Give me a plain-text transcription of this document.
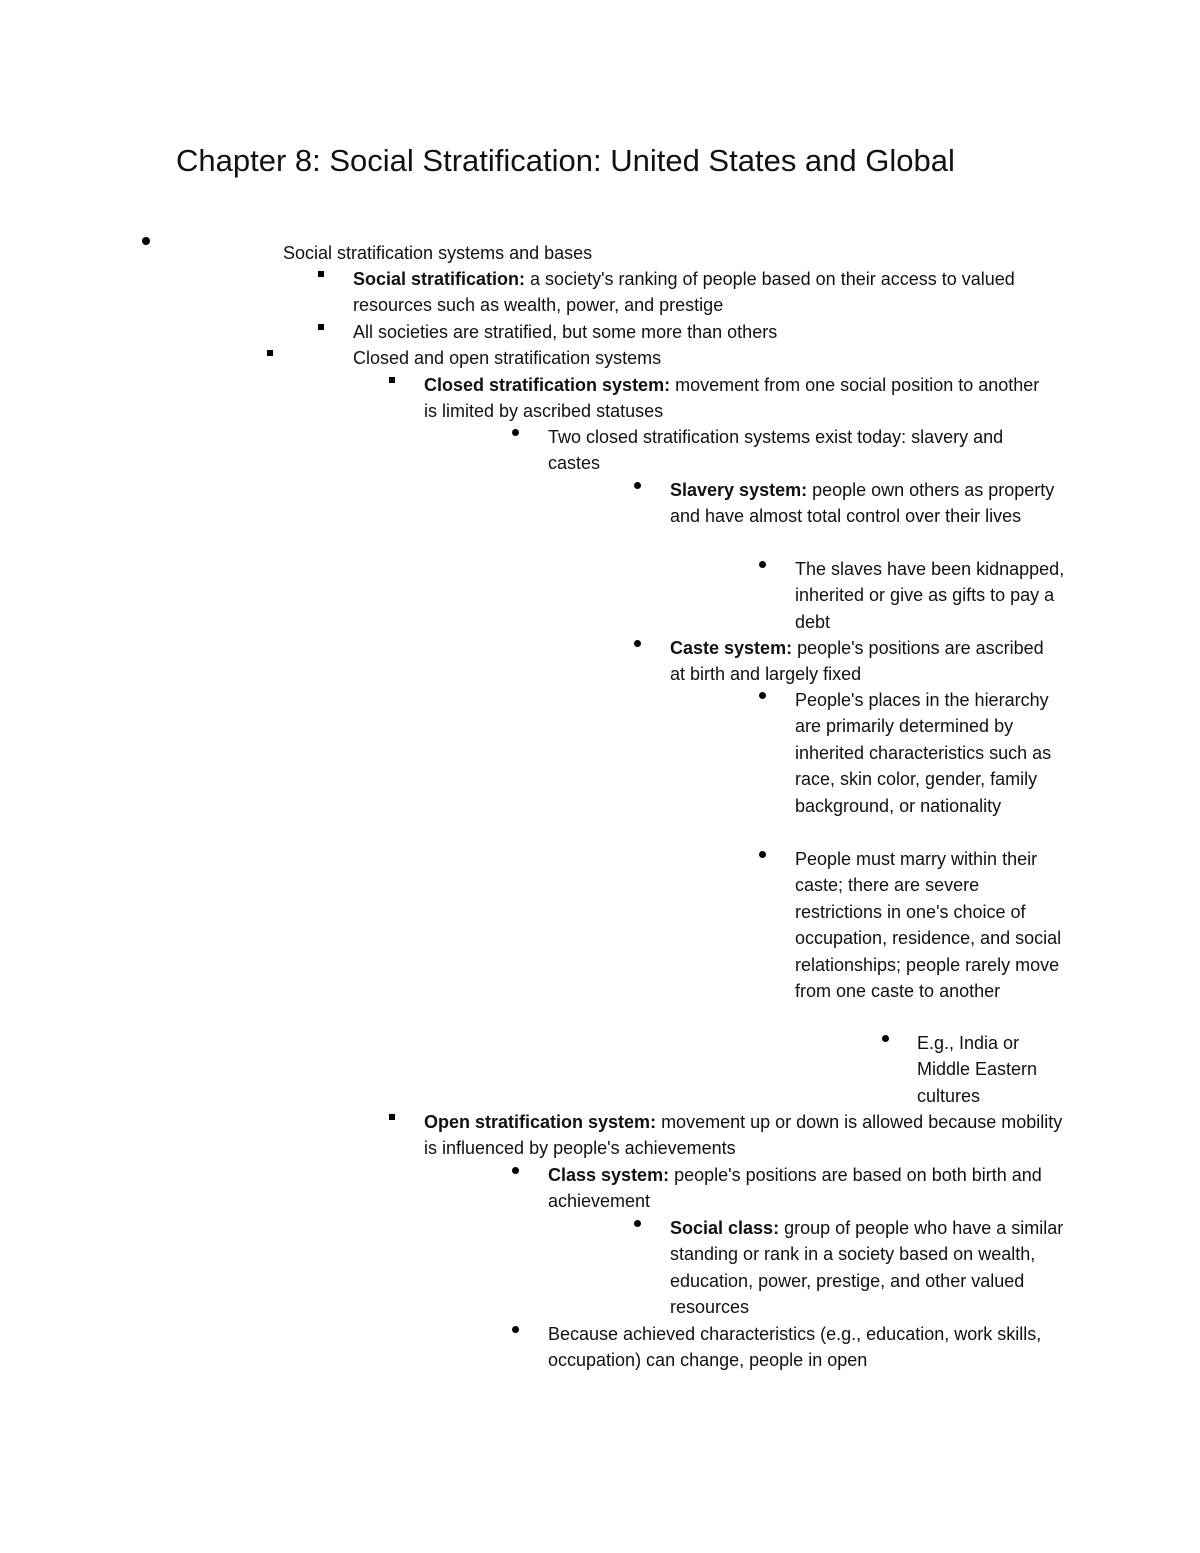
Chapter 8: Social Stratification: United States and Global
Social stratification systems and bases
Social stratification: a society's ranking of people based on their access to valued resources such as wealth, power, and prestige
All societies are stratified, but some more than others
Closed and open stratification systems
Closed stratification system: movement from one social position to another is limited by ascribed statuses
Two closed stratification systems exist today: slavery and castes
Slavery system: people own others as property and have almost total control over their lives
The slaves have been kidnapped, inherited or give as gifts to pay a debt
Caste system: people's positions are ascribed at birth and largely fixed
People's places in the hierarchy are primarily determined by inherited characteristics such as race, skin color, gender, family background, or nationality
People must marry within their caste; there are severe restrictions in one's choice of occupation, residence, and social relationships; people rarely move from one caste to another
E.g., India or Middle Eastern cultures
Open stratification system: movement up or down is allowed because mobility is influenced by people's achievements
Class system: people's positions are based on both birth and achievement
Social class: group of people who have a similar standing or rank in a society based on wealth, education, power, prestige, and other valued resources
Because achieved characteristics (e.g., education, work skills, occupation) can change, people in open
